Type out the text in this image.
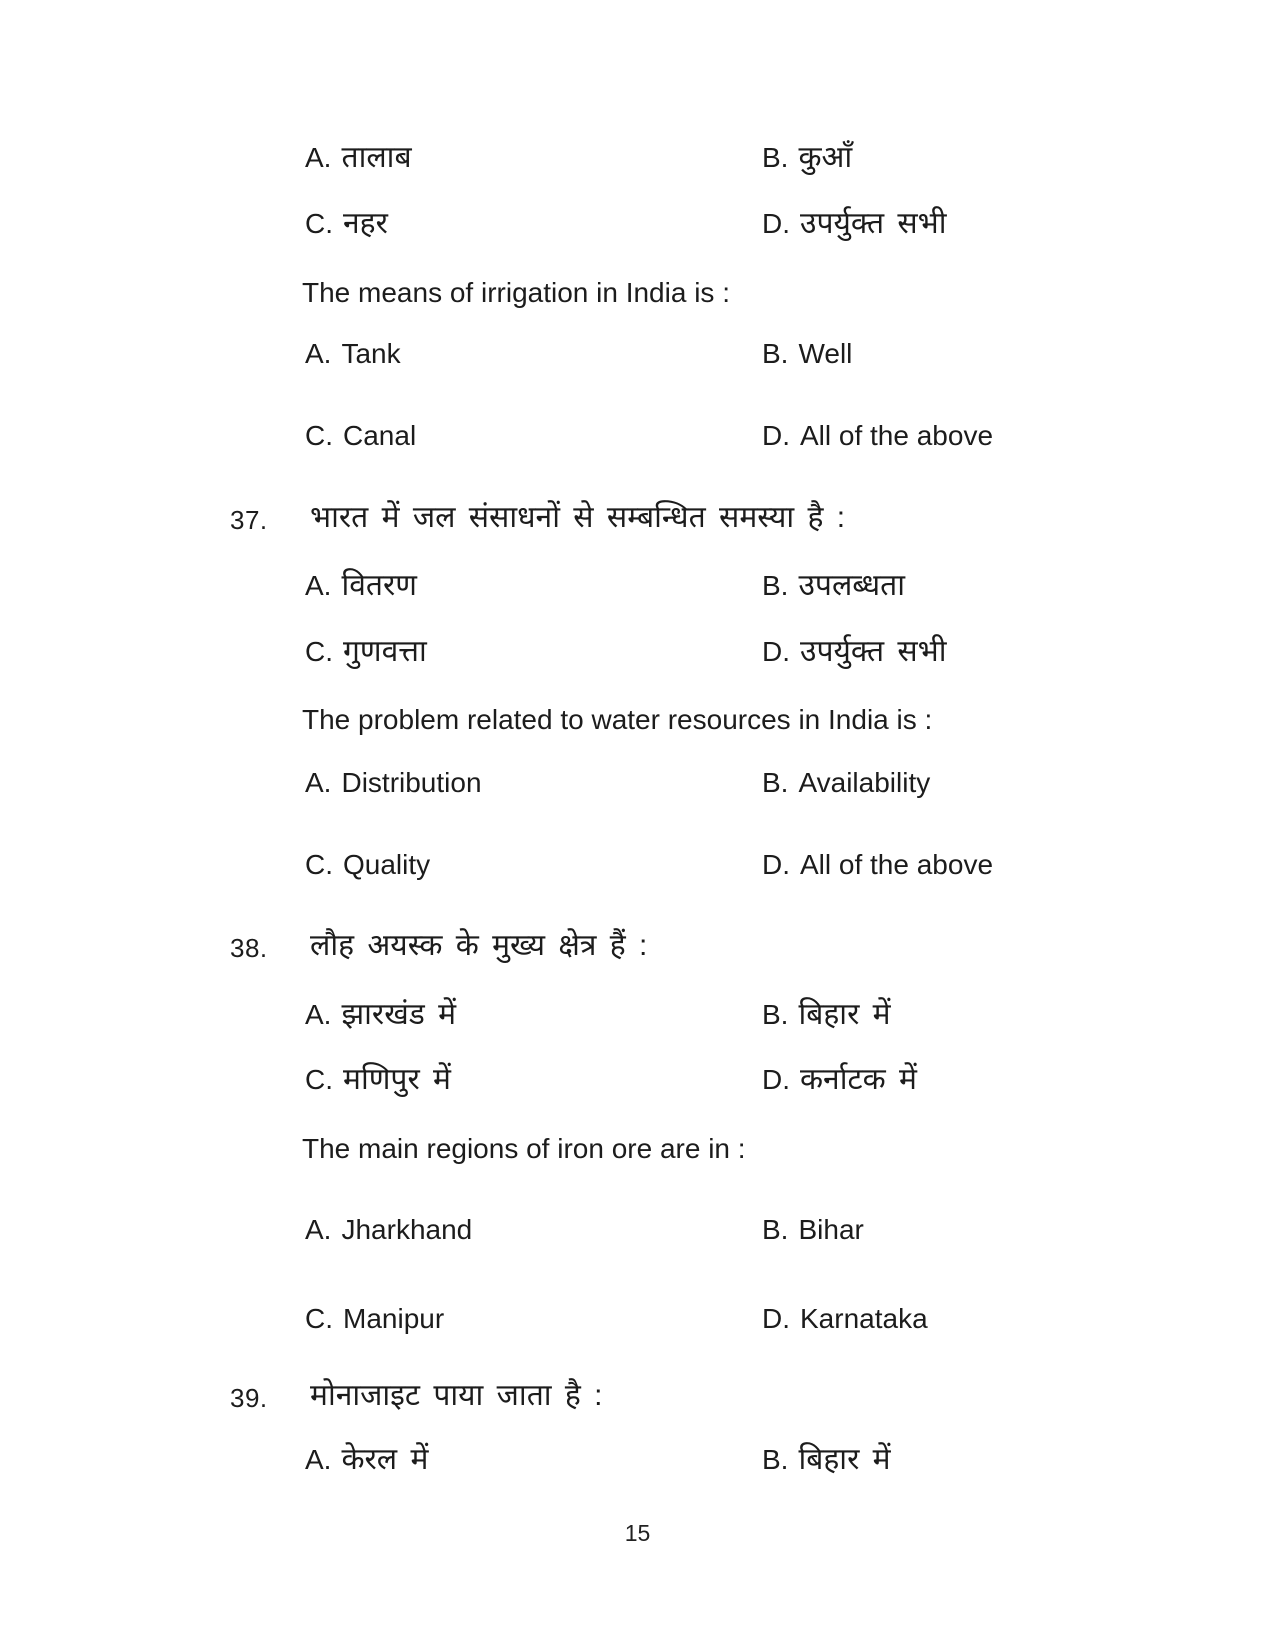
A. तालाब	B. कुआँ
C. नहर	D. उपर्युक्त सभी
The means of irrigation in India is :
A. Tank	B. Well
C. Canal	D. All of the above
37. भारत में जल संसाधनों से सम्बन्धित समस्या है :
A. वितरण	B. उपलब्धता
C. गुणवत्ता	D. उपर्युक्त सभी
The problem related to water resources in India is :
A. Distribution	B. Availability
C. Quality	D. All of the above
38. लौह अयस्क के मुख्य क्षेत्र हैं :
A. झारखंड में	B. बिहार में
C. मणिपुर में	D. कर्नाटक में
The main regions of iron ore are in :
A. Jharkhand	B. Bihar
C. Manipur	D. Karnataka
39. मोनाजाइट पाया जाता है :
A. केरल में	B. बिहार में
15
